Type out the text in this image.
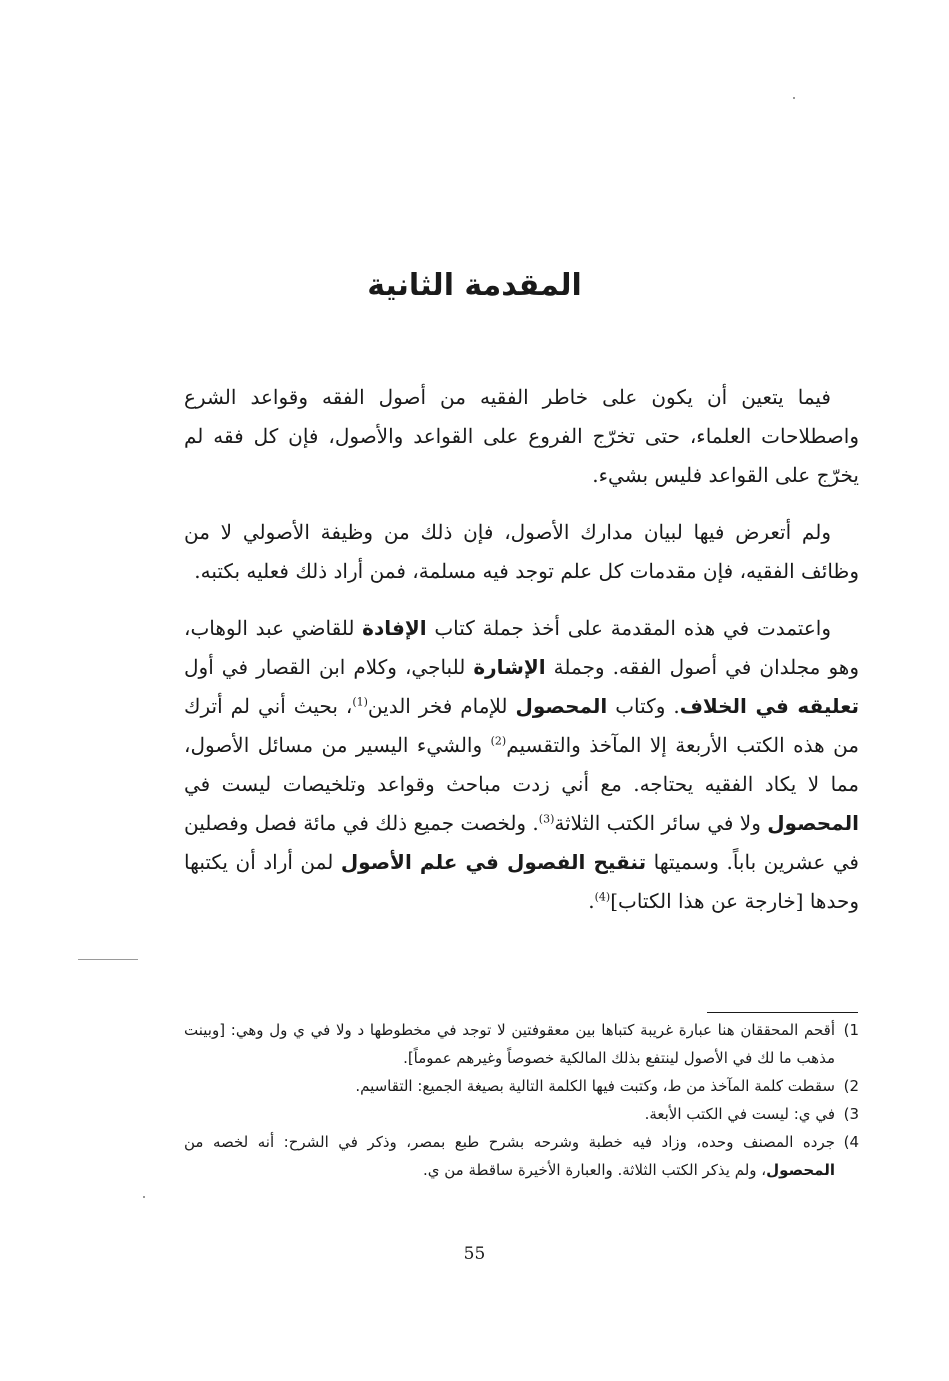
المقدمة الثانية

فيما يتعين أن يكون على خاطر الفقيه من أصول الفقه وقواعد الشرع واصطلاحات العلماء، حتى تخرّج الفروع على القواعد والأصول، فإن كل فقه لم يخرّج على القواعد فليس بشيء.

ولم أتعرض فيها لبيان مدارك الأصول، فإن ذلك من وظيفة الأصولي لا من وظائف الفقيه، فإن مقدمات كل علم توجد فيه مسلمة، فمن أراد ذلك فعليه بكتبه.

واعتمدت في هذه المقدمة على أخذ جملة كتاب الإفادة للقاضي عبد الوهاب، وهو مجلدان في أصول الفقه. وجملة الإشارة للباجي، وكلام ابن القصار في أول تعليقه في الخلاف. وكتاب المحصول للإمام فخر الدين$^{(1)}$، بحيث أني لم أترك من هذه الكتب الأربعة إلا المآخذ والتقسيم$^{(2)}$ والشيء اليسير من مسائل الأصول، مما لا يكاد الفقيه يحتاجه. مع أني زدت مباحث وقواعد وتلخيصات ليست في المحصول ولا في سائر الكتب الثلاثة$^{(3)}$. ولخصت جميع ذلك في مائة فصل وفصلين في عشرين باباً. وسميتها تنقيح الفصول في علم الأصول لمن أراد أن يكتبها وحدها [خارجة عن هذا الكتاب]$^{(4)}$.

1)
أقحم المحققان هنا عبارة غريبة كتباها بين معقوفتين لا توجد في مخطوطها د ولا في ي ول وهي: [وبينت مذهب ما لك في الأصول لينتفع بذلك المالكية خصوصاً وغيرهم عموماً].
2)
سقطت كلمة المآخذ من ط، وكتبت فيها الكلمة التالية بصيغة الجميع: التقاسيم.
3)
في ي: ليست في الكتب الأبعة.
4)
جرده المصنف وحده، وزاد فيه خطبة وشرحه بشرح طبع بمصر، وذكر في الشرح: أنه لخصه من المحصول، ولم يذكر الكتب الثلاثة. والعبارة الأخيرة ساقطة من ي.
55
